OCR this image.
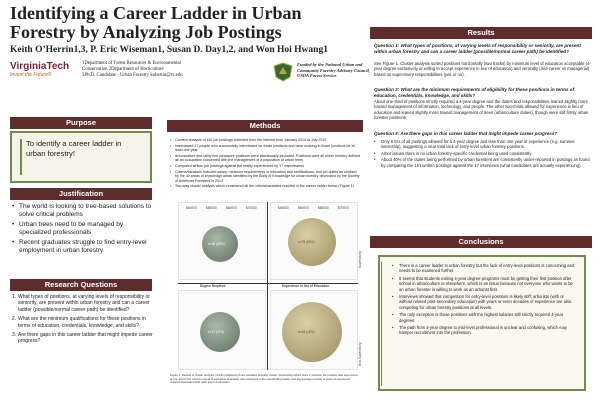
Identifying a Career Ladder in Urban Forestry by Analyzing Job Postings
Keith O’Herrin1,3, P. Eric Wiseman1, Susan D. Day1,2, and Won Hoi Hwang1
VirginiaTech
Invent the Future®
1Department of Forest Resources & Environmental
Conservation 2Department of Horticulture
3Ph.D. Candidate - Urban Forestry kohertin@vt.edu
Funded by the National Urban and
Community Forestry Advisory Council,
USDA Forest Service
Purpose
To identify a career ladder in urban forestry!
Justification
• The world is looking to tree-based solutions to solve critical problems
• Urban trees need to be managed by specialized professionals
• Recent graduates struggle to find entry-level employment in urban forestry
Research Questions
1. What types of positions, at varying levels of responsibility or seniority, are present within urban forestry and can a career ladder (possible/normal career path) be identified?
2. What are the minimum qualifications for these positions in terms of education, credentials, knowledge, and skills?
3. Are there gaps in this career ladder that might impede career progress?
Methods
• Content analysis of 151 job postings collected from the internet from January 2014 to July 2015
• Interviewed 17 people who successfully interviewed for those positions and were working in those positions for at least one year
• Arboriculture and utility line clearance positions were intentionally excluded. Positions were all urban forestry defined as an occupation concerned with the management of a population of urban trees
• Compared written job postings against the reality experienced by 17 interviewees
• Criteria/variables included salary, minimum requirements of education and certifications, and job duties as outlined by the 40 areas of knowledge areas identified by the Body of Knowledge for urban forestry developed by the Society of American Foresters in 2014
• Two-way cluster analysis which considered all the criteria/variables resulted in the career ladder below (Figure 1)
$40000	$50000	$60000	$70000	$40000	$50000	$60000	$70000
n=38 (25%)	n=78 (52%)
n=17 (11%)	n=18 (12%)
Degree Required	Experience in lieu of Education
Supervisory
Non Supervisory
Figure 1. Results of cluster analysis (n=151) displaying three variables deciding cluster membership which were 1) whether the position was supervisory or not, and 2) the minimum level of education attainable. Also displayed is the standardized salary and the average number of years of experience required associated with each level of education.
Results
Question 1: What types of positions, at varying levels of responsibility or seniority, are present within urban forestry and can a career ladder (possible/normal career path) be identified?
See Figure 1. Cluster analysis sorted positions horizontally (two tracks) by minimum level of education acceptable (4-year degree exclusively or willing to accept experience in lieu of education) and vertically (mid-career vs managerial) based on supervisory responsibilities (yes or no).
Question 2: What are the minimum requirements of eligibility for these positions in terms of education, credentials, knowledge, and skills?
About one-third of positions strictly required a 4-year degree and the duties and responsibilities leaned slightly more toward management of information, technology, and people. The other two-thirds allowed for experience in lieu of education and leaned slightly more toward management of trees (arboriculture duties), though were still firmly urban forester positions.
Question 3: Are there gaps in this career ladder that might impede career progress?
• Only 6.5% of all postings allowed for a 4-year degree and less than one year of experience (e.g. summer internship), suggesting a near total lack of entry-level urban forestry positions.
• Arbor issues there is no urban forestry-specific credential being used consistently.
• About 40% of the duties being performed by urban foresters are consistently under-reported in postings as found by comparing the 151 written postings against the 17 interviews (what candidates are actually experiencing).
Conclusions
• There is a career ladder in urban forestry but the lack of entry-level positions is concerning and needs to be examined further.
• It seems that students exiting 4-year degree programs must be getting their first position after school in arboriculture or elsewhere, which is an issue because not everyone who wants to be an urban forester is willing to work as an arborist first.
• Interviews showed that competition for entry-level positions is likely stiff; arborists (with or without related post-secondary education) with years or even decades of experience are also competing for urban forestry positions at all levels.
• The only exception is those positions with the highest salaries still strictly required 4-year degrees.
• The path from 4-year degree to mid-level professional is unclear and confusing, which may hamper recruitment into the profession.
